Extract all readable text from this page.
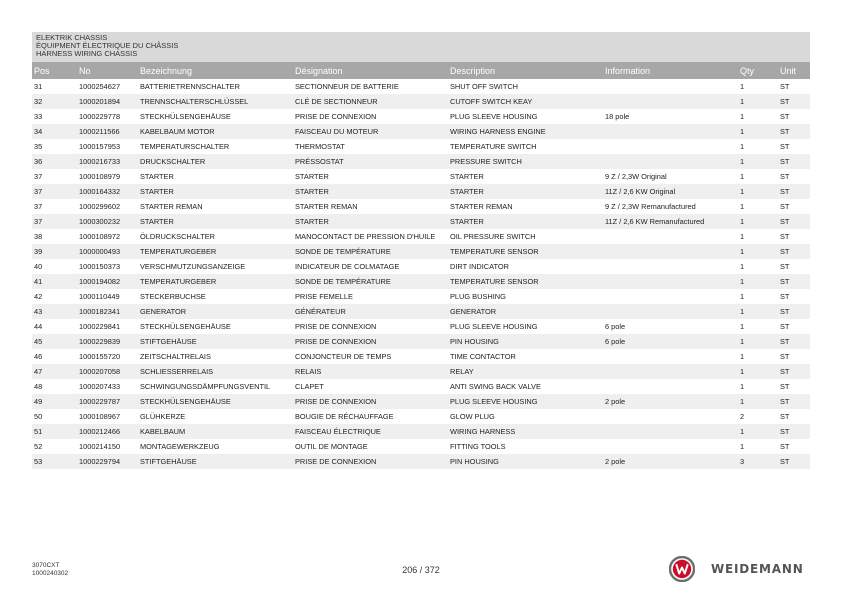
ELEKTRIK CHASSIS
ÉQUIPMENT ÉLECTRIQUE DU CHÂSSIS
HARNESS WIRING CHASSIS
Pos	No	Bezeichnung	Désignation	Description	Information	Qty	Unit
31	1000254627	BATTERIETRENNSCHALTER	SECTIONNEUR DE BATTERIE	SHUT OFF SWITCH		1	ST
32	1000201894	TRENNSCHALTERSCHLÜSSEL	CLÉ DE SECTIONNEUR	CUTOFF SWITCH KEAY		1	ST
33	1000229778	STECKHÜLSENGEHÄUSE	PRISE DE CONNEXION	PLUG SLEEVE HOUSING	18 pole	1	ST
34	1000211566	KABELBAUM MOTOR	FAISCEAU DU MOTEUR	WIRING HARNESS ENGINE		1	ST
35	1000157953	TEMPERATURSCHALTER	THERMOSTAT	TEMPERATURE SWITCH		1	ST
36	1000216733	DRUCKSCHALTER	PRÉSSOSTAT	PRESSURE SWITCH		1	ST
37	1000108979	STARTER	STARTER	STARTER	9 Z / 2,3W Original	1	ST
37	1000164332	STARTER	STARTER	STARTER	11Z / 2,6 KW Original	1	ST
37	1000299602	STARTER REMAN	STARTER REMAN	STARTER REMAN	9 Z / 2,3W Remanufactured	1	ST
37	1000300232	STARTER	STARTER	STARTER	11Z / 2,6 KW Remanufactured	1	ST
38	1000108972	ÖLDRUCKSCHALTER	MANOCONTACT DE PRESSION D'HUILE	OIL PRESSURE SWITCH		1	ST
39	1000000493	TEMPERATURGEBER	SONDE DE TEMPÉRATURE	TEMPERATURE SENSOR		1	ST
40	1000150373	VERSCHMUTZUNGSANZEIGE	INDICATEUR DE COLMATAGE	DIRT INDICATOR		1	ST
41	1000194082	TEMPERATURGEBER	SONDE DE TEMPÉRATURE	TEMPERATURE SENSOR		1	ST
42	1000110449	STECKERBUCHSE	PRISE FEMELLE	PLUG BUSHING		1	ST
43	1000182341	GENERATOR	GÉNÉRATEUR	GENERATOR		1	ST
44	1000229841	STECKHÜLSENGEHÄUSE	PRISE DE CONNEXION	PLUG SLEEVE HOUSING	6 pole	1	ST
45	1000229839	STIFTGEHÄUSE	PRISE DE CONNEXION	PIN HOUSING	6 pole	1	ST
46	1000155720	ZEITSCHALTRELAIS	CONJONCTEUR DE TEMPS	TIME CONTACTOR		1	ST
47	1000207058	SCHLIESSERRELAIS	RELAIS	RELAY		1	ST
48	1000207433	SCHWINGUNGSDÄMPFUNGSVENTIL	CLAPET	ANTI SWING BACK VALVE		1	ST
49	1000229787	STECKHÜLSENGEHÄUSE	PRISE DE CONNEXION	PLUG SLEEVE HOUSING	2 pole	1	ST
50	1000108967	GLÜHKERZE	BOUGIE DE RÉCHAUFFAGE	GLOW PLUG		2	ST
51	1000212466	KABELBAUM	FAISCEAU ÉLECTRIQUE	WIRING HARNESS		1	ST
52	1000214150	MONTAGEWERKZEUG	OUTIL DE MONTAGE	FITTING TOOLS		1	ST
53	1000229794	STIFTGEHÄUSE	PRISE DE CONNEXION	PIN HOUSING	2 pole	3	ST
3070CXT
1000240302	206 / 372	WEIDEMANN
